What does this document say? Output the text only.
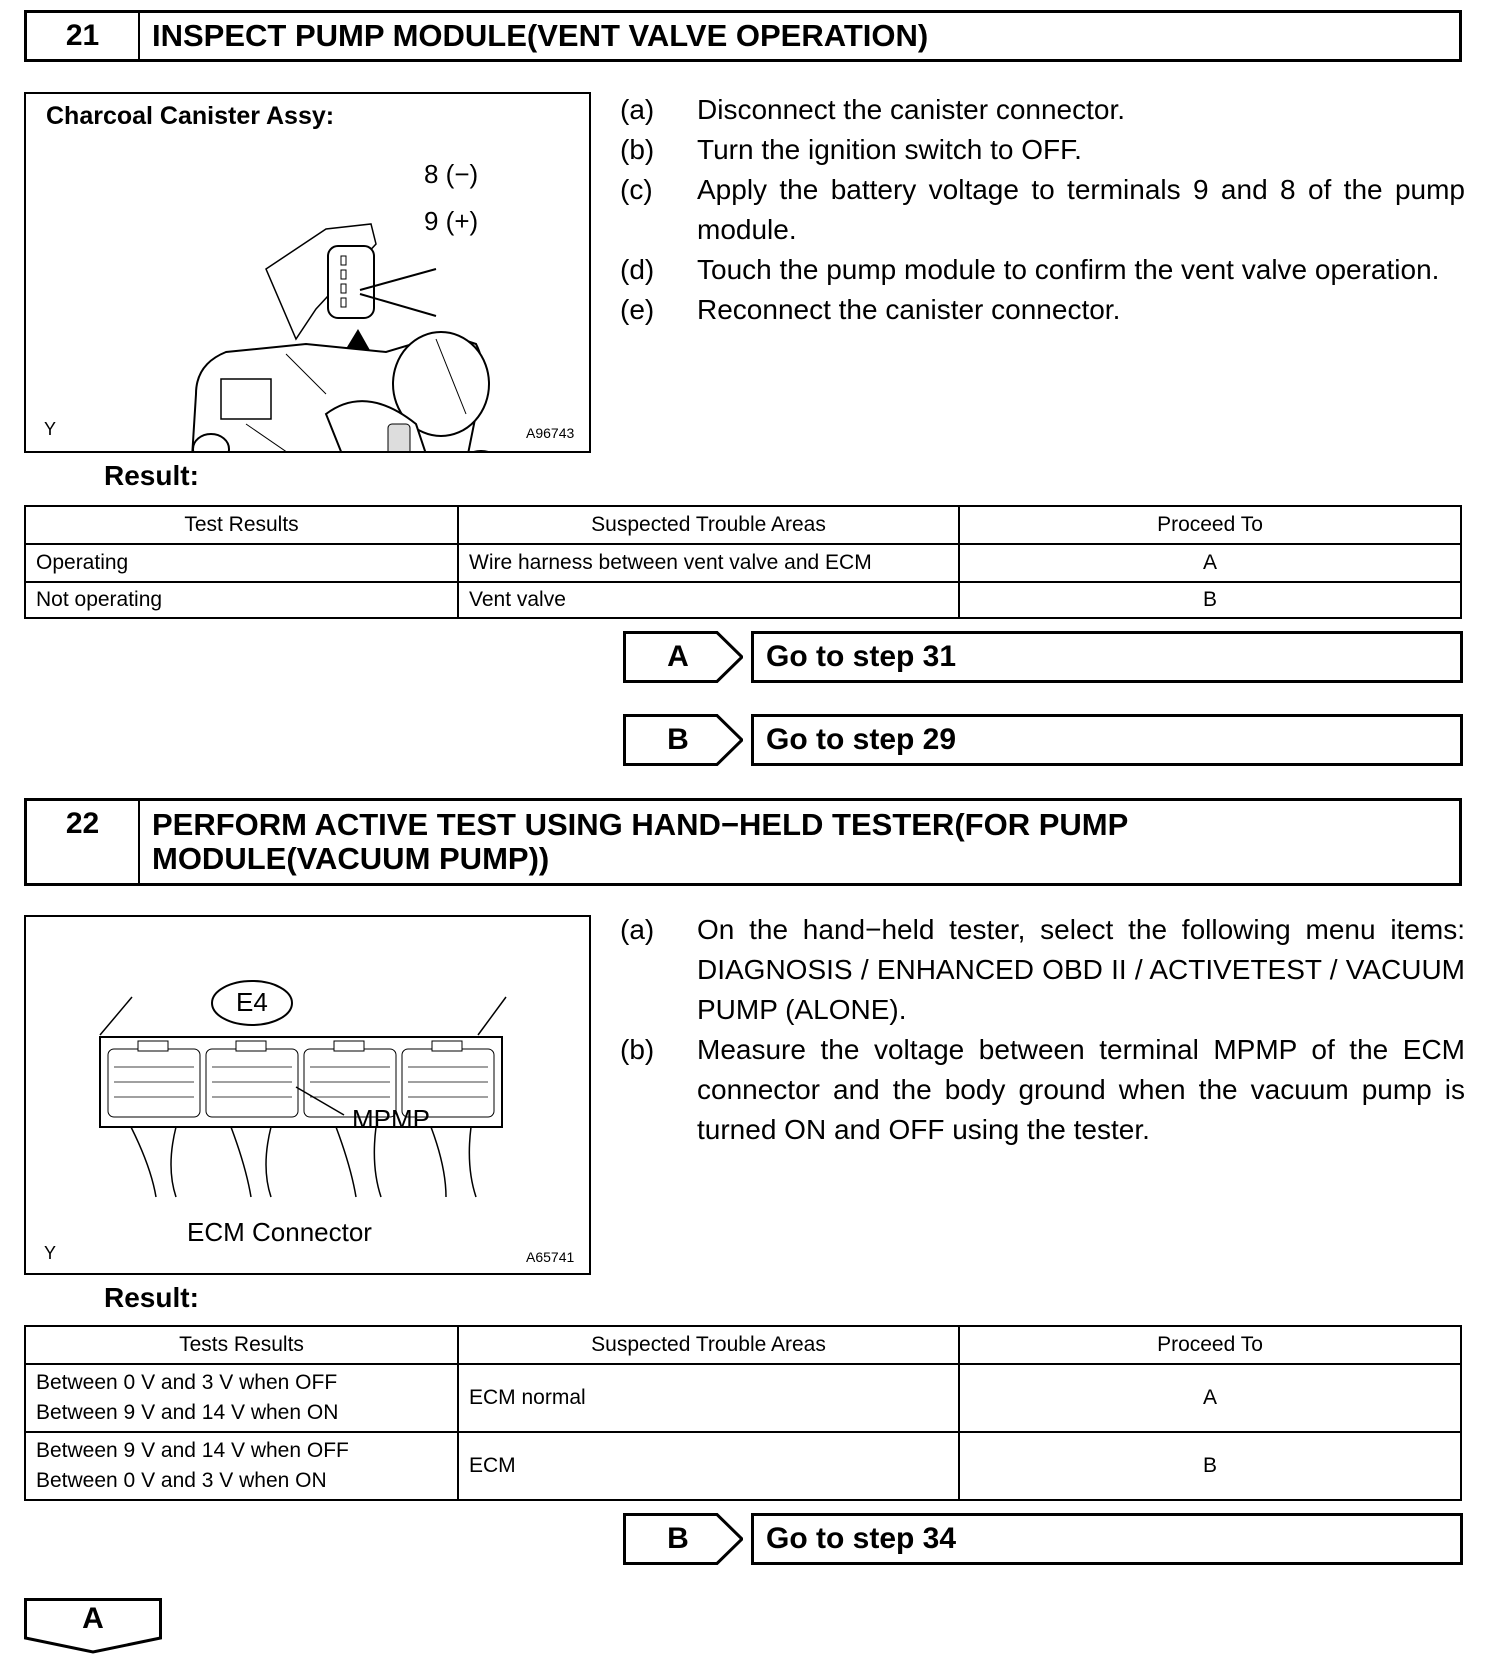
21	INSPECT PUMP MODULE(VENT VALVE OPERATION)
Charcoal Canister Assy:
8 (−)
9 (+)
Y	A96743
(a)	Disconnect the canister connector.
(b)	Turn the ignition switch to OFF.
(c)	Apply the battery voltage to terminals 9 and 8 of the pump module.
(d)	Touch the pump module to confirm the vent valve operation.
(e)	Reconnect the canister connector.
Result:
Test Results	Suspected Trouble Areas	Proceed To
Operating	Wire harness between vent valve and ECM	A
Not operating	Vent valve	B
A	Go to step 31
B	Go to step 29
22	PERFORM ACTIVE TEST USING HAND−HELD TESTER(FOR PUMP
MODULE(VACUUM PUMP))
E4
MPMP
ECM Connector
Y	A65741
(a)	On the hand−held tester, select the following menu items: DIAGNOSIS / ENHANCED OBD II / ACTIVETEST / VACUUM PUMP (ALONE).
(b)	Measure the voltage between terminal MPMP of the ECM connector and the body ground when the vacuum pump is turned ON and OFF using the tester.
Result:
Tests Results	Suspected Trouble Areas	Proceed To

Between 0 V and 3 V when OFF
Between 9 V and 14 V when ON	ECM normal	A

Between 9 V and 14 V when OFF
Between 0 V and 3 V when ON	ECM	B
B	Go to step 34
A
